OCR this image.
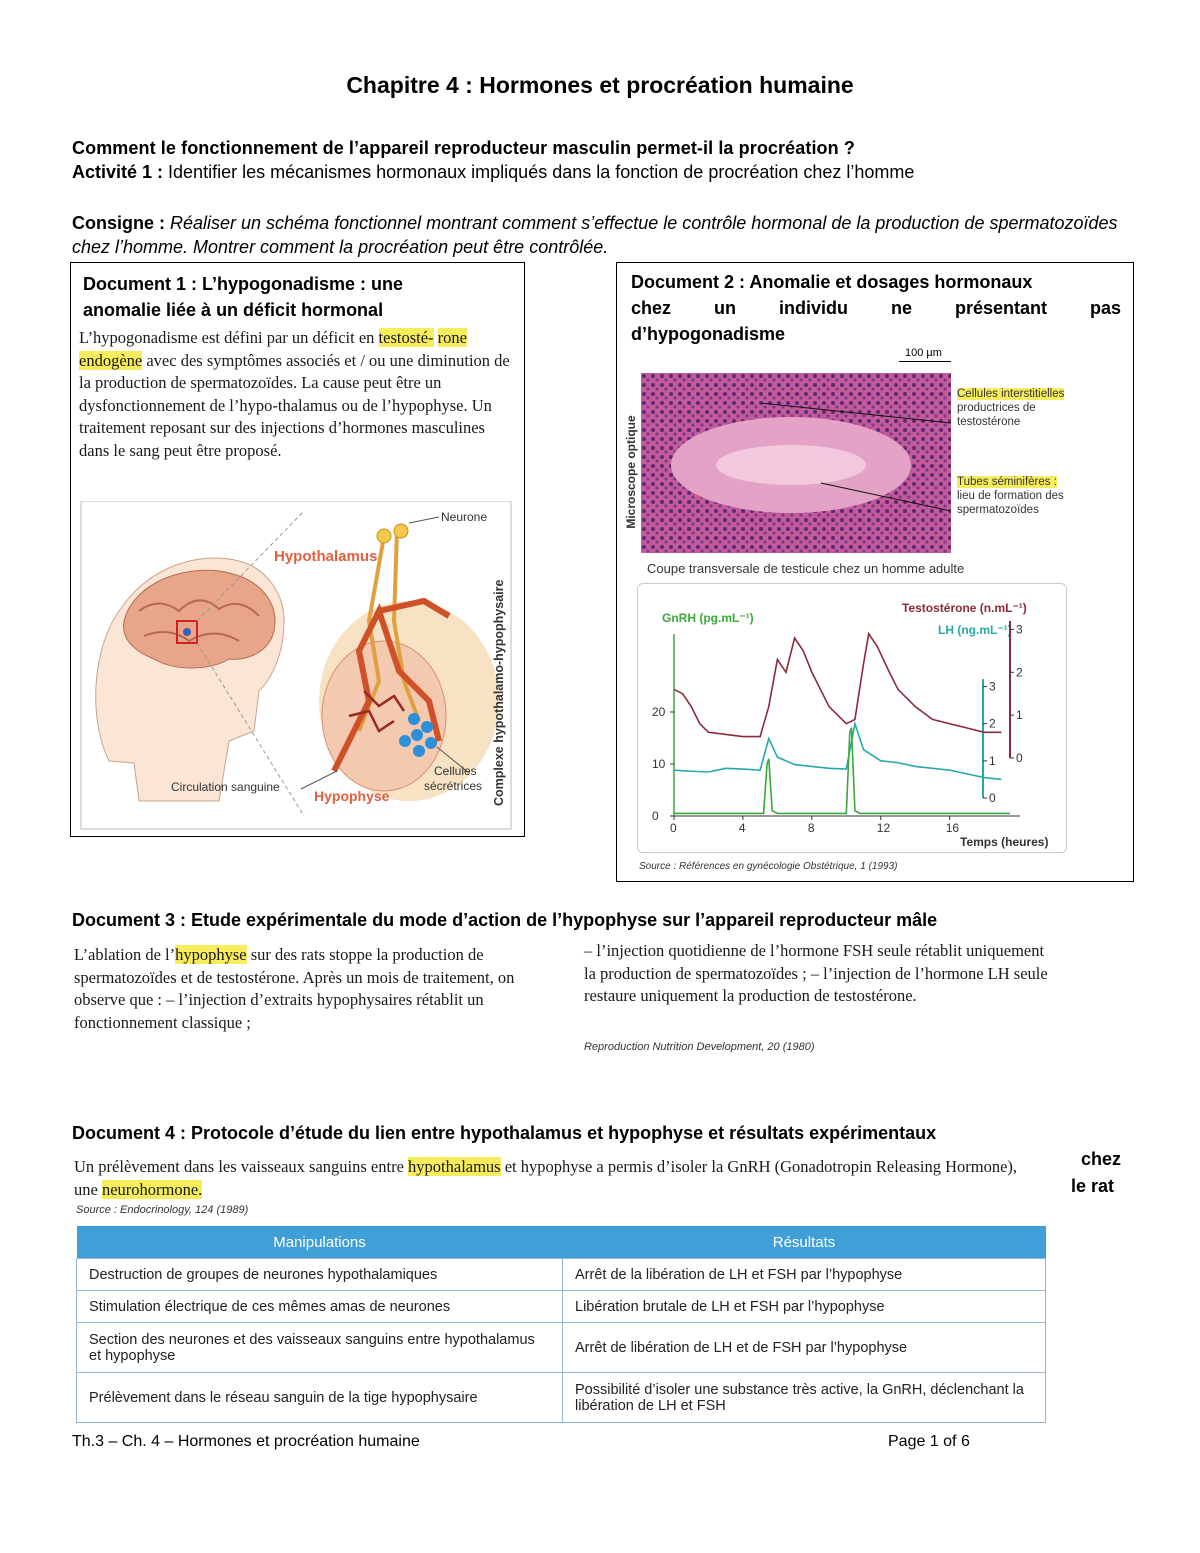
Chapitre 4 : Hormones et procréation humaine
Comment le fonctionnement de l’appareil reproducteur masculin permet-il la procréation ?
Activité 1 : Identifier les mécanismes hormonaux impliqués dans la fonction de procréation chez l’homme
Consigne : Réaliser un schéma fonctionnel montrant comment s’effectue le contrôle hormonal de la production de spermatozoïdes chez l’homme. Montrer comment la procréation peut être contrôlée.
Document 1 : L’hypogonadisme : une
anomalie liée à un déficit hormonal
L’hypogonadisme est défini par un déficit en testosté- rone endogène avec des symptômes associés et / ou une diminution de la production de spermatozoïdes. La cause peut être un dysfonctionnement de l’hypo-thalamus ou de l’hypophyse. Un traitement reposant sur des injections d’hormones masculines dans le sang peut être proposé.
Neurone
Hypothalamus
Circulation sanguine
Hypophyse
Cellules
sécrétrices Complexe hypothalamo-hypophysaire
Document 2 : Anomalie et dosages hormonaux
chez un individu ne présentant pas
d’hypogonadisme
100 µm
Microscope optique
Cellules interstitielles productrices de testostérone
Tubes séminifères : lieu de formation des spermatozoïdes
Coupe transversale de testicule chez un homme adulte
0	4	8	12	16
Temps (heures)
0
10
20
GnRH (pg.mL⁻¹)
0
1
2
3
LH (ng.mL⁻¹)
0
1
2
3
Testostérone (n.mL⁻¹)
Source : Références en gynécologie Obstétrique, 1 (1993)
Document 3 : Etude expérimentale du mode d’action de l’hypophyse sur l’appareil reproducteur mâle
L’ablation de l’hypophyse sur des rats stoppe la production de spermatozoïdes et de testostérone. Après un mois de traitement, on observe que : – l’injection d’extraits hypophysaires rétablit un fonctionnement classique ;
– l’injection quotidienne de l’hormone FSH seule rétablit uniquement la production de spermatozoïdes ; – l’injection de l’hormone LH seule restaure uniquement la production de testostérone.
Reproduction Nutrition Development, 20 (1980)
Document 4 : Protocole d’étude du lien entre hypothalamus et hypophyse et résultats expérimentaux
chez
le rat
Un prélèvement dans les vaisseaux sanguins entre hypothalamus et hypophyse a permis d’isoler la GnRH (Gonadotropin Releasing Hormone), une neurohormone.
Source : Endocrinology, 124 (1989)
Manipulations	Résultats
Destruction de groupes de neurones hypothalamiques	Arrêt de la libération de LH et FSH par l’hypophyse
Stimulation électrique de ces mêmes amas de neurones	Libération brutale de LH et FSH par l’hypophyse
Section des neurones et des vaisseaux sanguins entre hypothalamus et hypophyse	Arrêt de libération de LH et de FSH par l’hypophyse
Prélèvement dans le réseau sanguin de la tige hypophysaire	Possibilité d’isoler une substance très active, la GnRH, déclenchant la libération de LH et FSH
Th.3 – Ch. 4 – Hormones et procréation humaine	Page 1 of 6
